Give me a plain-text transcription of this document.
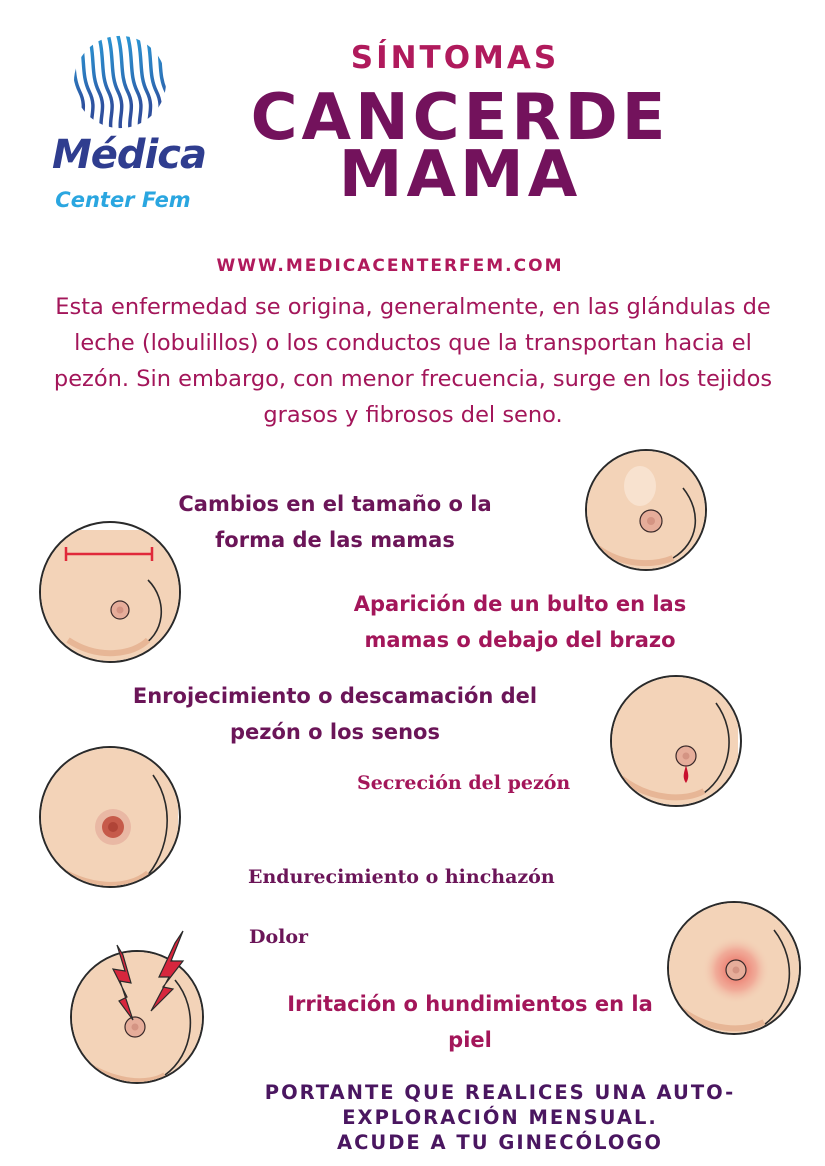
Médica
Center Fem
SÍNTOMAS
CANCERDE
MAMA
WWW.MEDICACENTERFEM.COM
Esta enfermedad se origina, generalmente, en las glándulas de leche (lobulillos) o los conductos que la transportan hacia el pezón. Sin embargo, con menor frecuencia, surge en los tejidos grasos y fibrosos del seno.
Cambios en el tamaño o la forma de las mamas
Aparición de un bulto en las mamas o debajo del brazo
Enrojecimiento o descamación del pezón o los senos
Secreción del pezón
Endurecimiento o hinchazón
Dolor
Irritación o hundimientos en la piel
PORTANTE QUE REALICES UNA AUTO-
EXPLORACIÓN MENSUAL.
ACUDE A TU GINECÓLOGO
